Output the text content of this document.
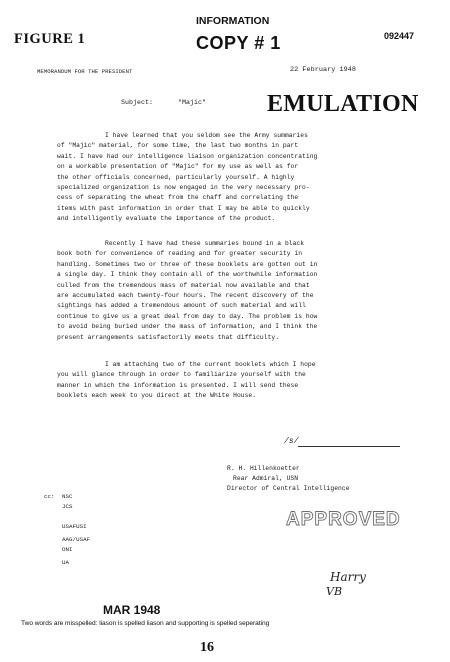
FIGURE 1
INFORMATION
COPY # 1	092447
MEMORANDUM FOR THE PRESIDENT	22 February 1948
Subject:	"Majic"	EMULATION
I have learned that you seldom see the Army summaries
of "Majic" material, for some time, the last two months in part
wait. I have had our intelligence liaison organization concentrating
on a workable presentation of "Majic" for my use as well as for
the other officials concerned, particularly yourself. A highly
specialized organization is now engaged in the very necessary pro-
cess of separating the wheat from the chaff and correlating the
items with past information in order that I may be able to quickly
and intelligently evaluate the importance of the product.
Recently I have had these summaries bound in a black
book both for convenience of reading and for greater security in
handling. Sometimes two or three of these booklets are gotten out in
a single day. I think they contain all of the worthwhile information
culled from the tremendous mass of material now available and that
are accumulated each twenty-four hours. The recent discovery of the
sightings has added a tremendous amount of such material and will
continue to give us a great deal from day to day. The problem is how
to avoid being buried under the mass of information, and I think the
present arrangements satisfactorily meets that difficulty.
I am attaching two of the current booklets which I hope
you will glance through in order to familiarize yourself with the
manner in which the information is presented. I will send these
booklets each week to you direct at the White House.
/s/
R. H. Hillenkoetter
Rear Admiral, USN
Director of Central Intelligence
cc: NSC
JCS
USAFUSI
AAG/USAF
ONI
UA
APPROVED
Harry
VB
MAR 1948
Two words are misspelled: liason is spelled liason and supporting is spelled seperating
16
